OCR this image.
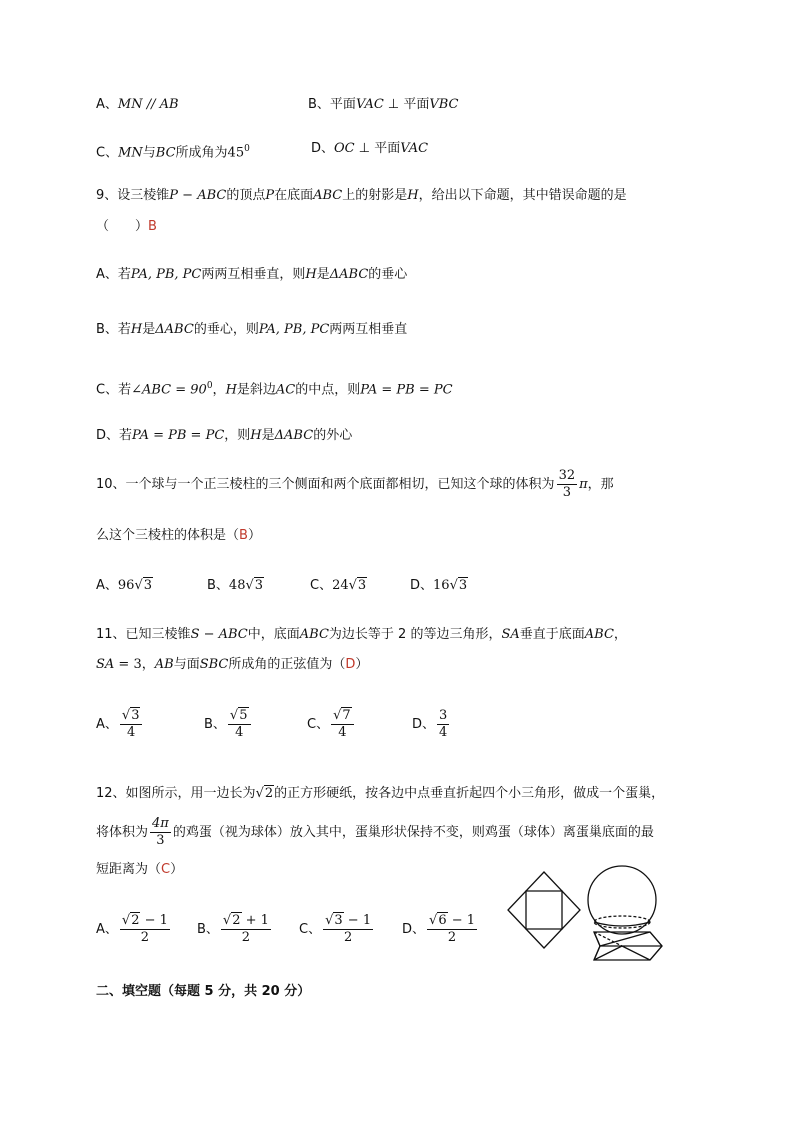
A、MN // AB	B、平面VAC ⊥ 平面VBC
C、MN与BC所成角为$45^0$	D、OC ⊥ 平面VAC
9、设三棱锥P − ABC的顶点P在底面ABC上的射影是H，给出以下命题，其中错误命题的是
（　　）B
A、若PA, PB, PC两两互相垂直，则H是ΔABC的垂心
B、若H是ΔABC的垂心，则PA, PB, PC两两互相垂直
C、若∠ABC = $90^0$，H是斜边AC的中点，则PA = PB = PC
D、若PA = PB = PC，则H是ΔABC的外心
10、一个球与一个正三棱柱的三个侧面和两个底面都相切，已知这个球的体积为 $\frac{32}{3}$ π，那
么这个三棱柱的体积是（B）
A、96√3	B、48√3	C、24√3	D、16√3
11、已知三棱锥S − ABC中，底面ABC为边长等于 2 的等边三角形，SA垂直于底面ABC，
SA = 3，AB与面SBC所成角的正弦值为（D）
A、 $\frac{√3}{4}$	B、 $\frac{√5}{4}$	C、 $\frac{√7}{4}$	D、 $\frac{3}{4}$
12、如图所示，用一边长为√2的正方形硬纸，按各边中点垂直折起四个小三角形，做成一个蛋巢，
将体积为 $\frac{4\pi}{3}$ 的鸡蛋（视为球体）放入其中，蛋巢形状保持不变，则鸡蛋（球体）离蛋巢底面的最
短距离为（C）
A、 $\frac{√2 - 1}{2}$ B、 $\frac{√2 + 1}{2}$ C、 $\frac{√3 - 1}{2}$ D、 $\frac{√6 - 1}{2}$
二、填空题（每题 5 分，共 20 分）
